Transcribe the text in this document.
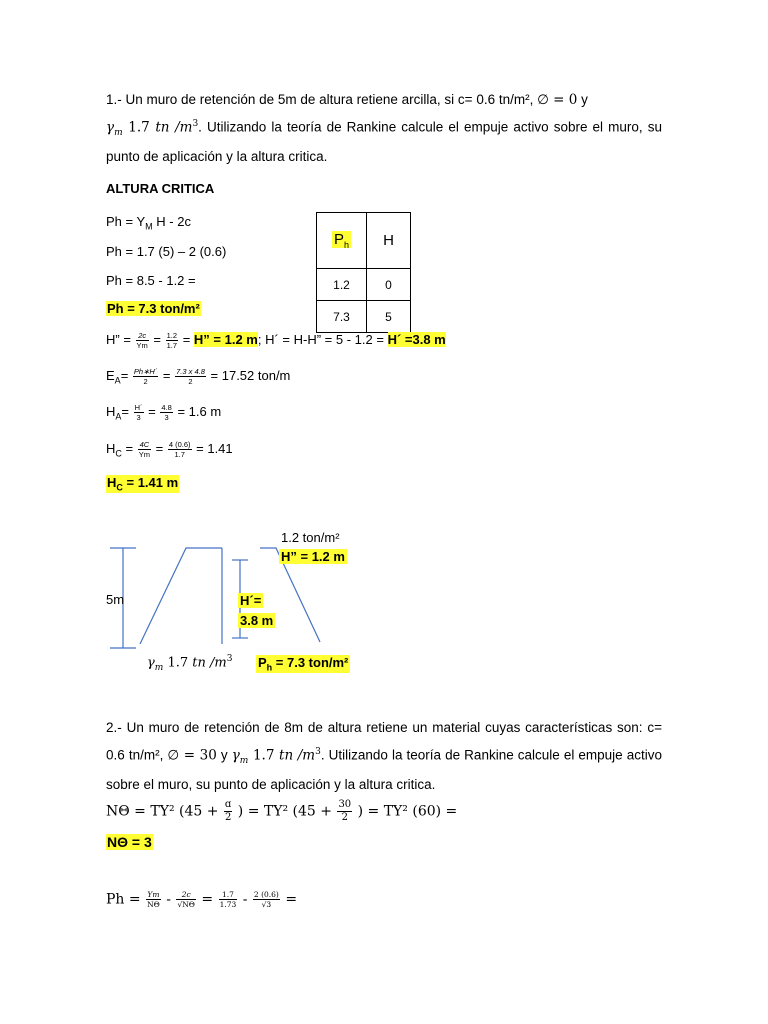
1.- Un muro de retención de 5m de altura retiene arcilla, si c= 0.6 tn/m², ∅ = 0 y
$\gamma_m$ 1.7 tn $/m^3$. Utilizando la teoría de Rankine calcule el empuje activo sobre el muro, su punto de aplicación y la altura critica.
ALTURA CRITICA
$Ph = Y_M$ H - 2c
Ph = 1.7 (5) – 2 (0.6)
Ph = 8.5 - 1.2 =
Ph = 7.3 ton/m²
$P_h$	H
1.2	0
7.3	5
H” = $\frac{2c}{Ym} = \frac{1.2}{1.7} = H$” = 1.2 m; H´ = H-H” = 5 - 1.2 = H´ =3.8 m
$E_A= \frac{Ph∗H´}{2} = \frac{7.3 x 4.8}{2} = 17.52$ ton/m
$H_A= \frac{H´}{3} = \frac{4.8}{3} = 1.6$ m
$H_C = \frac{4C}{Ym} = \frac{4 (0.6)}{1.7} = 1.41$
$H_C = 1.41$ m
1.2 ton/m²
H” = 1.2 m
5m	H´=
3.8 m
$\gamma_m$ 1.7 tn $/m^3$ $P_h = 7.3$ ton/m²
2.- Un muro de retención de 8m de altura retiene un material cuyas características son: c= 0.6 tn/m², ∅ = 30 y $\gamma_m$ 1.7 tn $/m^3$. Utilizando la teoría de Rankine calcule el empuje activo sobre el muro, su punto de aplicación y la altura critica.
NΘ = TY² ($45 + \frac{\text{ɑ}}{2}$ ) = TY² ($45 + \frac{30}{2}$ ) = TY² (60) =
NΘ = 3
$Ph = \frac{Ym}{N\Theta} - \frac{2c}{√N\Theta} = \frac{1.7}{1.73} - \frac{2 (0.6)}{√3}$ =
